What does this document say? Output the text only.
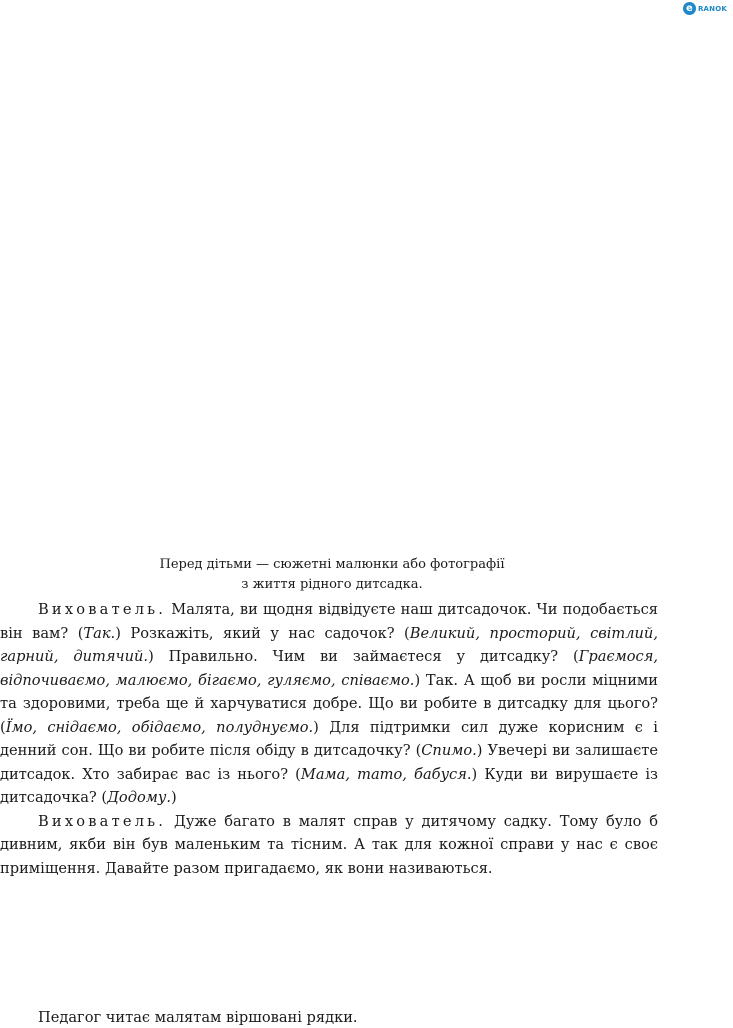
e RANOK
Перед дітьми — сюжетні малюнки або фотографії
з життя рідного дитсадка.

Вихователь. Малята, ви щодня відвідуєте наш дитсадочок. Чи подобається він вам? (Так.) Розкажіть, який у нас садочок? (Великий, просторий, світлий, гарний, дитячий.) Правильно. Чим ви займаєтеся у дитсадку? (Граємося, відпочиваємо, малюємо, бігаємо, гуляємо, співаємо.) Так. А щоб ви росли міцними та здоровими, треба ще й харчуватися добре. Що ви робите в дитсадку для цього? (Їмо, снідаємо, обідаємо, полуднуємо.) Для підтримки сил дуже корисним є і денний сон. Що ви робите після обіду в дитсадочку? (Спимо.) Увечері ви залишаєте дитсадок. Хто забирає вас із нього? (Мама, тато, бабуся.) Куди ви вирушаєте із дитсадочка? (Додому.)

Вихователь. Дуже багато в малят справ у дитячому садку. Тому було б дивним, якби він був маленьким та тісним. А так для кожної справи у нас є своє приміщення. Давайте разом пригадаємо, як вони називаються.

Педагог читає малятам віршовані рядки.
